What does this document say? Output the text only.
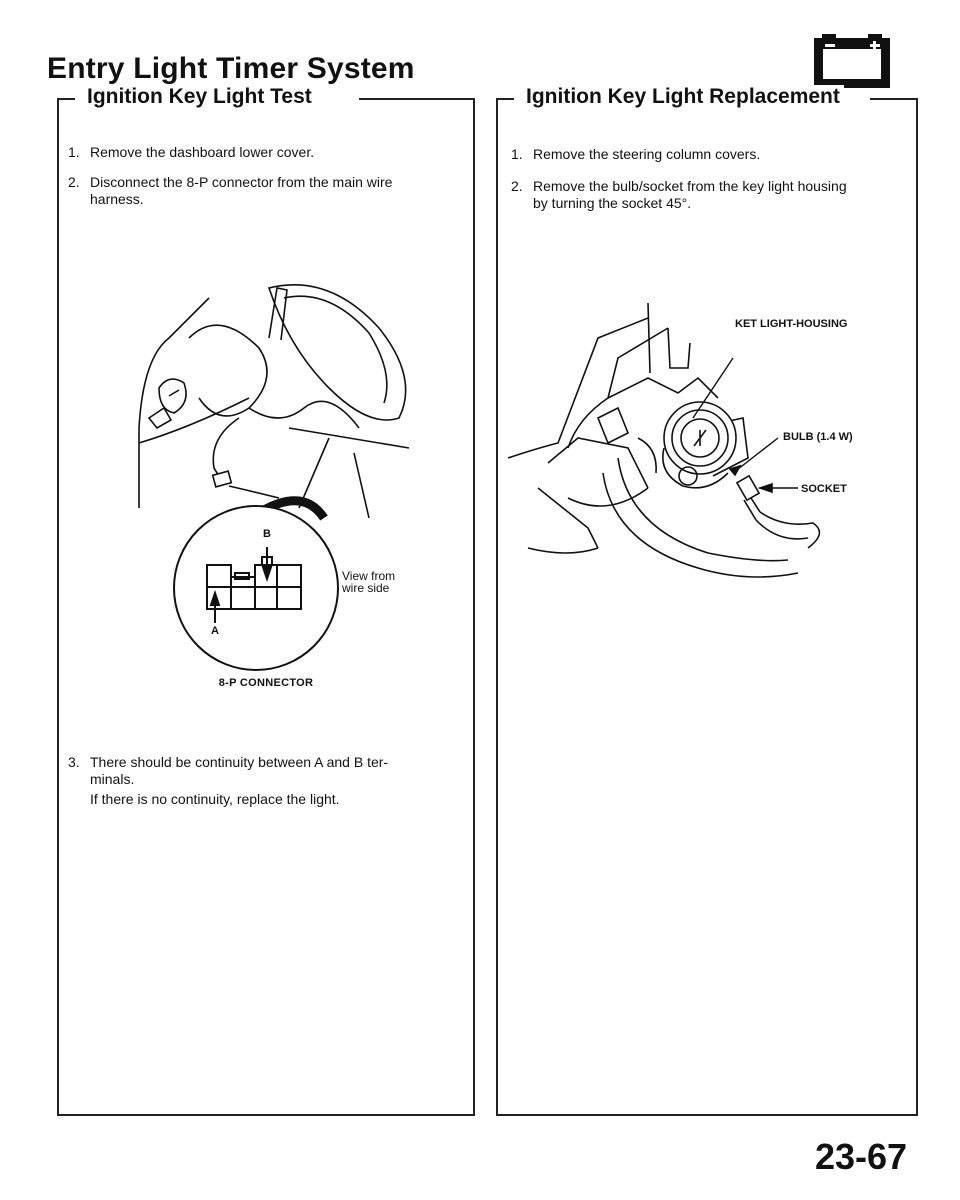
Entry Light Timer System
Ignition Key Light Test
1. Remove the dashboard lower cover.
2. Disconnect the 8-P connector from the main wire
harness.
B
A
View from
wire side
8-P CONNECTOR
3. There should be continuity between A and B ter-
minals.
If there is no continuity, replace the light.
Ignition Key Light Replacement
1. Remove the steering column covers.
2. Remove the bulb/socket from the key light housing
by turning the socket 45°.
KET LIGHT-HOUSING
BULB (1.4 W)
SOCKET
23-67
